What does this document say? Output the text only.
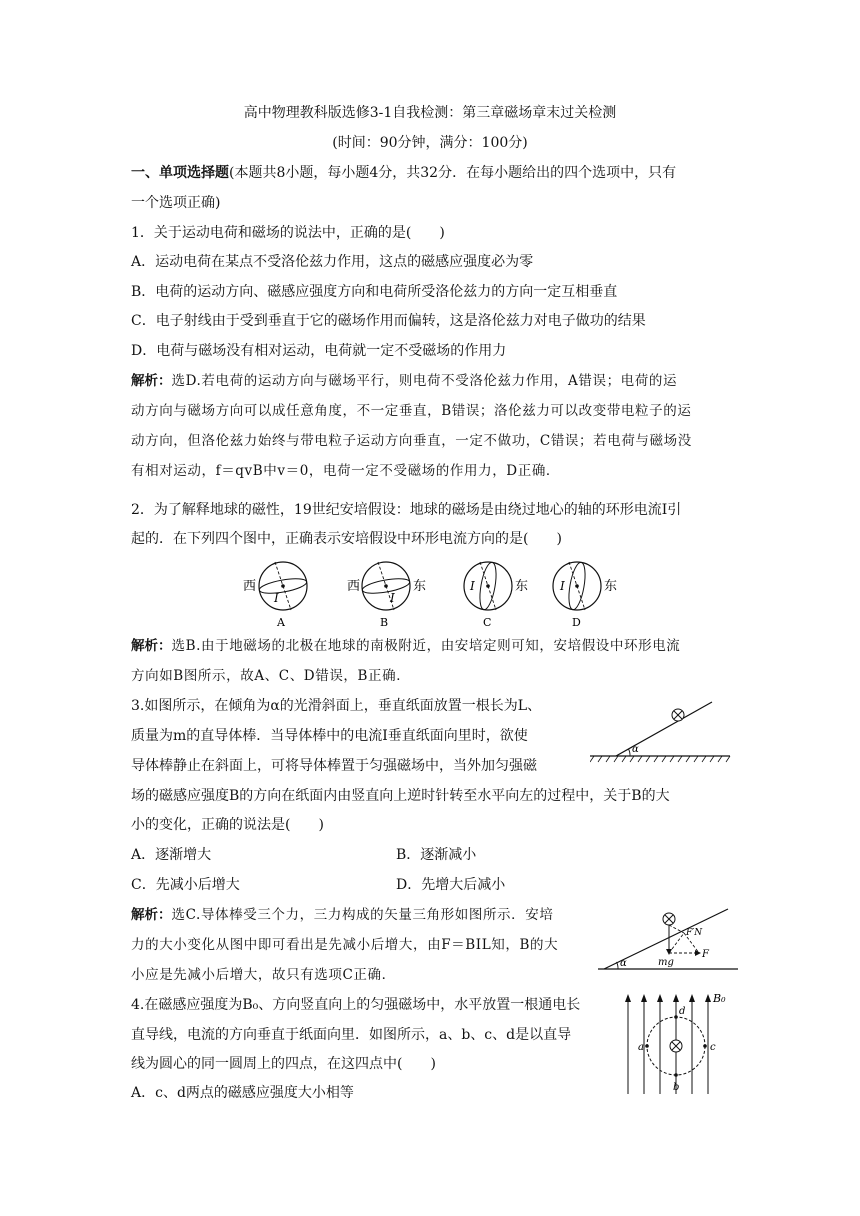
高中物理教科版选修3-1自我检测：第三章磁场章末过关检测
(时间：90分钟，满分：100分)
一、单项选择题(本题共8小题，每小题4分，共32分．在每小题给出的四个选项中，只有
一个选项正确)
1．关于运动电荷和磁场的说法中，正确的是(　　)
A．运动电荷在某点不受洛伦兹力作用，这点的磁感应强度必为零
B．电荷的运动方向、磁感应强度方向和电荷所受洛伦兹力的方向一定互相垂直
C．电子射线由于受到垂直于它的磁场作用而偏转，这是洛伦兹力对电子做功的结果
D．电荷与磁场没有相对运动，电荷就一定不受磁场的作用力
解析：选D.若电荷的运动方向与磁场平行，则电荷不受洛伦兹力作用，A错误；电荷的运
动方向与磁场方向可以成任意角度，不一定垂直，B错误；洛伦兹力可以改变带电粒子的运
动方向，但洛伦兹力始终与带电粒子运动方向垂直，一定不做功，C错误；若电荷与磁场没
有相对运动，f＝qvB中v＝0，电荷一定不受磁场的作用力，D正确．
2．为了解释地球的磁性，19世纪安培假设：地球的磁场是由绕过地心的轴的环形电流I引
起的．在下列四个图中，正确表示安培假设中环形电流方向的是(　　)
西
I
A
西
I
东
B
I	东
C
I	东
D
解析：选B.由于地磁场的北极在地球的南极附近，由安培定则可知，安培假设中环形电流
方向如B图所示，故A、C、D错误，B正确．
3.如图所示，在倾角为α的光滑斜面上，垂直纸面放置一根长为L、
质量为m的直导体棒．当导体棒中的电流I垂直纸面向里时，欲使
导体棒静止在斜面上，可将导体棒置于匀强磁场中，当外加匀强磁
场的磁感应强度B的方向在纸面内由竖直向上逆时针转至水平向左的过程中，关于B的大
小的变化，正确的说法是(　　)
α
A．逐渐增大	B．逐渐减小
C．先减小后增大	D．先增大后减小
解析：选C.导体棒受三个力，三力构成的矢量三角形如图所示．安培
力的大小变化从图中即可看出是先减小后增大，由F＝BIL知，B的大
小应是先减小后增大，故只有选项C正确．
α
F′N
F
mg
4.在磁感应强度为B₀、方向竖直向上的匀强磁场中，水平放置一根通电长
直导线，电流的方向垂直于纸面向里．如图所示，a、b、c、d是以直导
线为圆心的同一圆周上的四点，在这四点中(　　)
A．c、d两点的磁感应强度大小相等
B₀
a	c
d
b
